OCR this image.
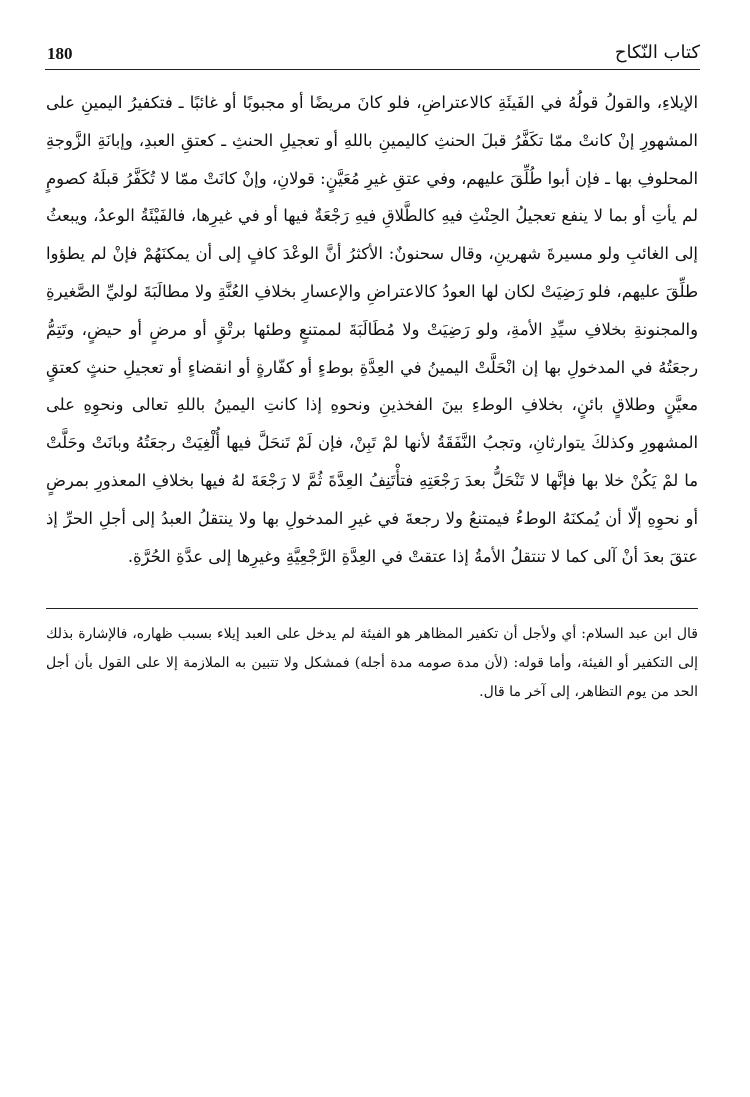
180	كتاب النّكاح

الإيلاءِ، والقولُ قولُهُ في الفَيئَةِ كالاعتراضِ، فلو كانَ مريضًا أو مجبوبًا أو غائبًا ـ فتكفيرُ اليمينِ على المشهورِ إنْ كانتْ ممّا تكَفَّرُ قبلَ الحنثِ كاليمينِ باللهِ أو تعجيلِ الحنثِ ـ كعتقِ العبدِ، وإبانَةِ الزَّوجةِ المحلوفِ بها ـ فإن أبوا طُلِّقَ عليهم، وفي عتقِ غيرِ مُعَيَّنٍ: قولانِ، وإنْ كانَتْ ممّا لا تُكَفَّرُ قبلَهُ كصومٍ لم يأتِ أو بما لا ينفع تعجيلُ الحِنْثِ فيهِ كالطَّلاقِ فيهِ رَجْعَةٌ فيها أو في غيرِها، فالفَيْئَةُ الوعدُ، ويبعثُ إلى الغائبِ ولو مسيرةَ شهرينِ، وقال سحنونٌ: الأكثرُ أنَّ الوعْدَ كافٍ إلى أن يمكنَهُمْ فإنْ لم يطؤوا طلِّقَ عليهم، فلو رَضِيَتْ لكان لها العودُ كالاعتراضِ والإعسارِ بخلافِ العُنَّةِ ولا مطالَبَةَ لوليِّ الصَّغيرةِ والمجنونةِ بخلافِ سيِّدِ الأمةِ، ولو رَضِيَتْ ولا مُطَالَبَةَ لممتنعٍ وطئها برتْقٍ أو مرضٍ أو حيضٍ، وتَتِمُّ رجعَتُهُ في المدخولِ بها إن انْحَلَّتْ اليمينُ في العِدَّةِ بوطءٍ أو كفّارةٍ أو انقضاءٍ أو تعجيلِ حنثٍ كعتقٍ معيَّنٍ وطلاقٍ بائنٍ، بخلافِ الوطءِ بينَ الفخذينِ ونحوهِ إذا كانتِ اليمينُ باللهِ تعالى ونحوِهِ على المشهورِ وكذلكَ يتوارثانِ، وتجبُ النَّفَقَةُ لأنها لمْ تَبِنْ، فإن لَمْ تَنحَلَّ فيها أُلْغِيَتْ رجعَتُهُ وبانَتْ وحَلَّتْ ما لمْ يَكُنْ خلا بها فإنَّها لا تَنْحَلُّ بعدَ رَجْعَتِهِ فتأْتَنِفُ العِدَّةَ ثُمَّ لا رَجْعَةَ لهُ فيها بخلافِ المعذورِ بمرضٍ أو نحوِهِ إلّا أن يُمكنَهُ الوطءُ فيمتنعُ ولا رجعةَ في غيرِ المدخولِ بها ولا ينتقلُ العبدُ إلى أجلِ الحرِّ إذ عتقَ بعدَ أنْ آلى كما لا تنتقلُ الأمةُ إذا عتقتْ في العِدَّةِ الرَّجْعِيَّةِ وغيرِها إلى عدَّةِ الحُرَّةِ.

قال ابن عبد السلام: أي ولأجل أن تكفير المظاهر هو الفيئة لم يدخل على العبد إيلاء بسبب ظهاره، فالإشارة بذلك إلى التكفير أو الفيئة، وأما قوله: (لأن مدة صومه مدة أجله) فمشكل ولا تتبين به الملازمة إلا على القول بأن أجل الحد من يوم التظاهر، إلى آخر ما قال.
